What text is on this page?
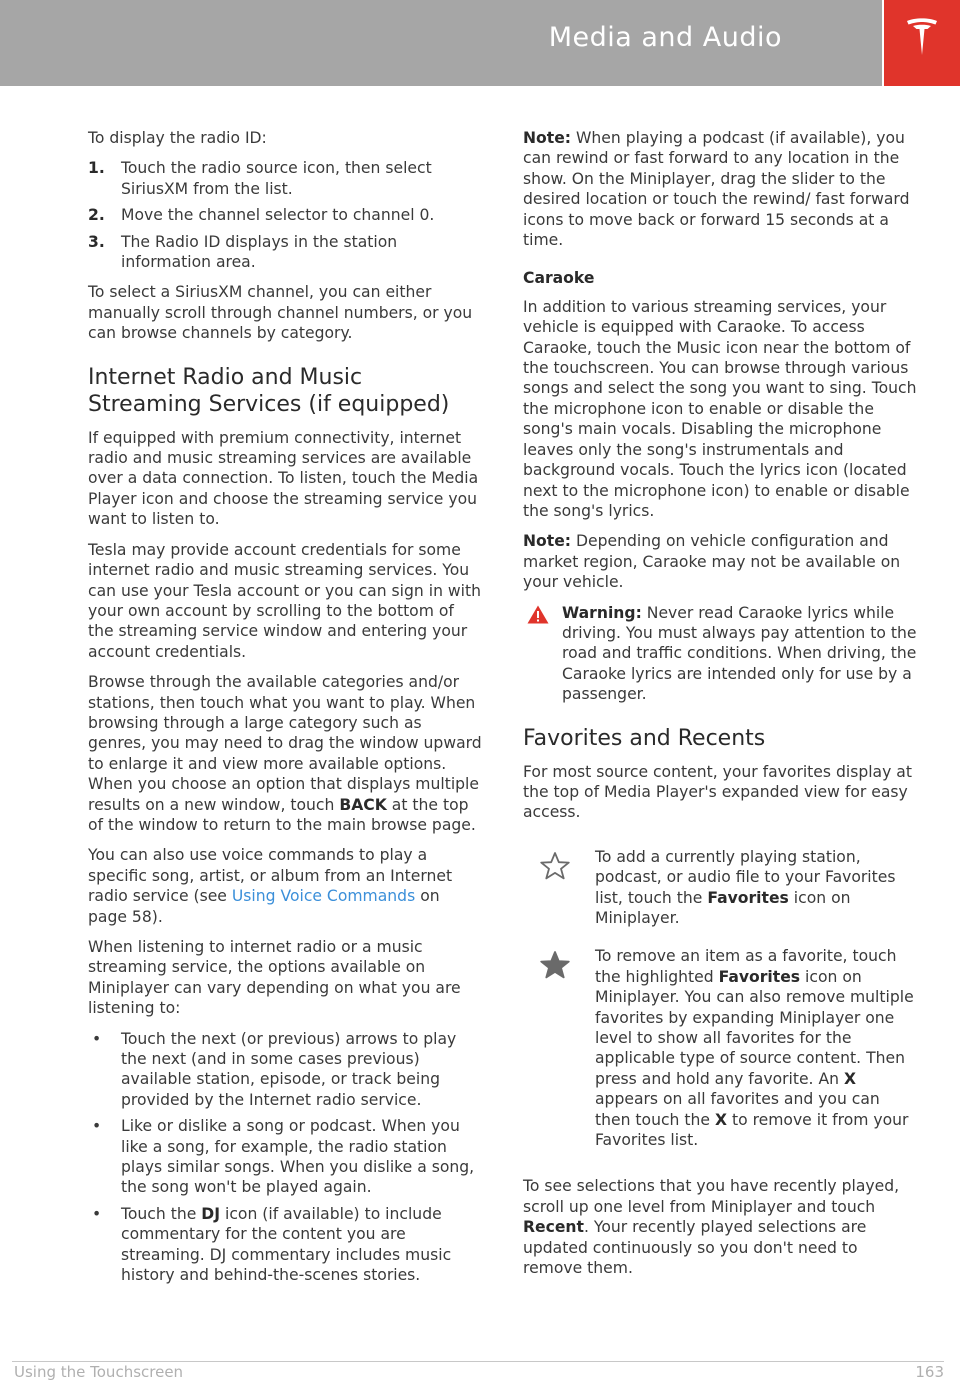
Media and Audio

To display the radio ID:

1. Touch the radio source icon, then select SiriusXM from the list.
2. Move the channel selector to channel 0.
3. The Radio ID displays in the station information area.

To select a SiriusXM channel, you can either manually scroll through channel numbers, or you can browse channels by category.

Internet Radio and Music Streaming Services (if equipped)

If equipped with premium connectivity, internet radio and music streaming services are available over a data connection. To listen, touch the Media Player icon and choose the streaming service you want to listen to.

Tesla may provide account credentials for some internet radio and music streaming services. You can use your Tesla account or you can sign in with your own account by scrolling to the bottom of the streaming service window and entering your account credentials.

Browse through the available categories and/or stations, then touch what you want to play. When browsing through a large category such as genres, you may need to drag the window upward to enlarge it and view more available options. When you choose an option that displays multiple results on a new window, touch BACK at the top of the window to return to the main browse page.

You can also use voice commands to play a specific song, artist, or album from an Internet radio service (see Using Voice Commands on page 58).

When listening to internet radio or a music streaming service, the options available on Miniplayer can vary depending on what you are listening to:

• Touch the next (or previous) arrows to play the next (and in some cases previous) available station, episode, or track being provided by the Internet radio service.
• Like or dislike a song or podcast. When you like a song, for example, the radio station plays similar songs. When you dislike a song, the song won't be played again.
• Touch the DJ icon (if available) to include commentary for the content you are streaming. DJ commentary includes music history and behind-the-scenes stories.

Note: When playing a podcast (if available), you can rewind or fast forward to any location in the show. On the Miniplayer, drag the slider to the desired location or touch the rewind/ fast forward icons to move back or forward 15 seconds at a time.

Caraoke

In addition to various streaming services, your vehicle is equipped with Caraoke. To access Caraoke, touch the Music icon near the bottom of the touchscreen. You can browse through various songs and select the song you want to sing. Touch the microphone icon to enable or disable the song's main vocals. Disabling the microphone leaves only the song's instrumentals and background vocals. Touch the lyrics icon (located next to the microphone icon) to enable or disable the song's lyrics.

Note: Depending on vehicle configuration and market region, Caraoke may not be available on your vehicle.

Warning: Never read Caraoke lyrics while driving. You must always pay attention to the road and traffic conditions. When driving, the Caraoke lyrics are intended only for use by a passenger.
Favorites and Recents

For most source content, your favorites display at the top of Media Player's expanded view for easy access.

To add a currently playing station, podcast, or audio file to your Favorites list, touch the Favorites icon on Miniplayer.
To remove an item as a favorite, touch the highlighted Favorites icon on Miniplayer. You can also remove multiple favorites by expanding Miniplayer one level to show all favorites for the applicable type of source content. Then press and hold any favorite. An X appears on all favorites and you can then touch the X to remove it from your Favorites list.

To see selections that you have recently played, scroll up one level from Miniplayer and touch Recent. Your recently played selections are updated continuously so you don't need to remove them.

Using the Touchscreen	163
